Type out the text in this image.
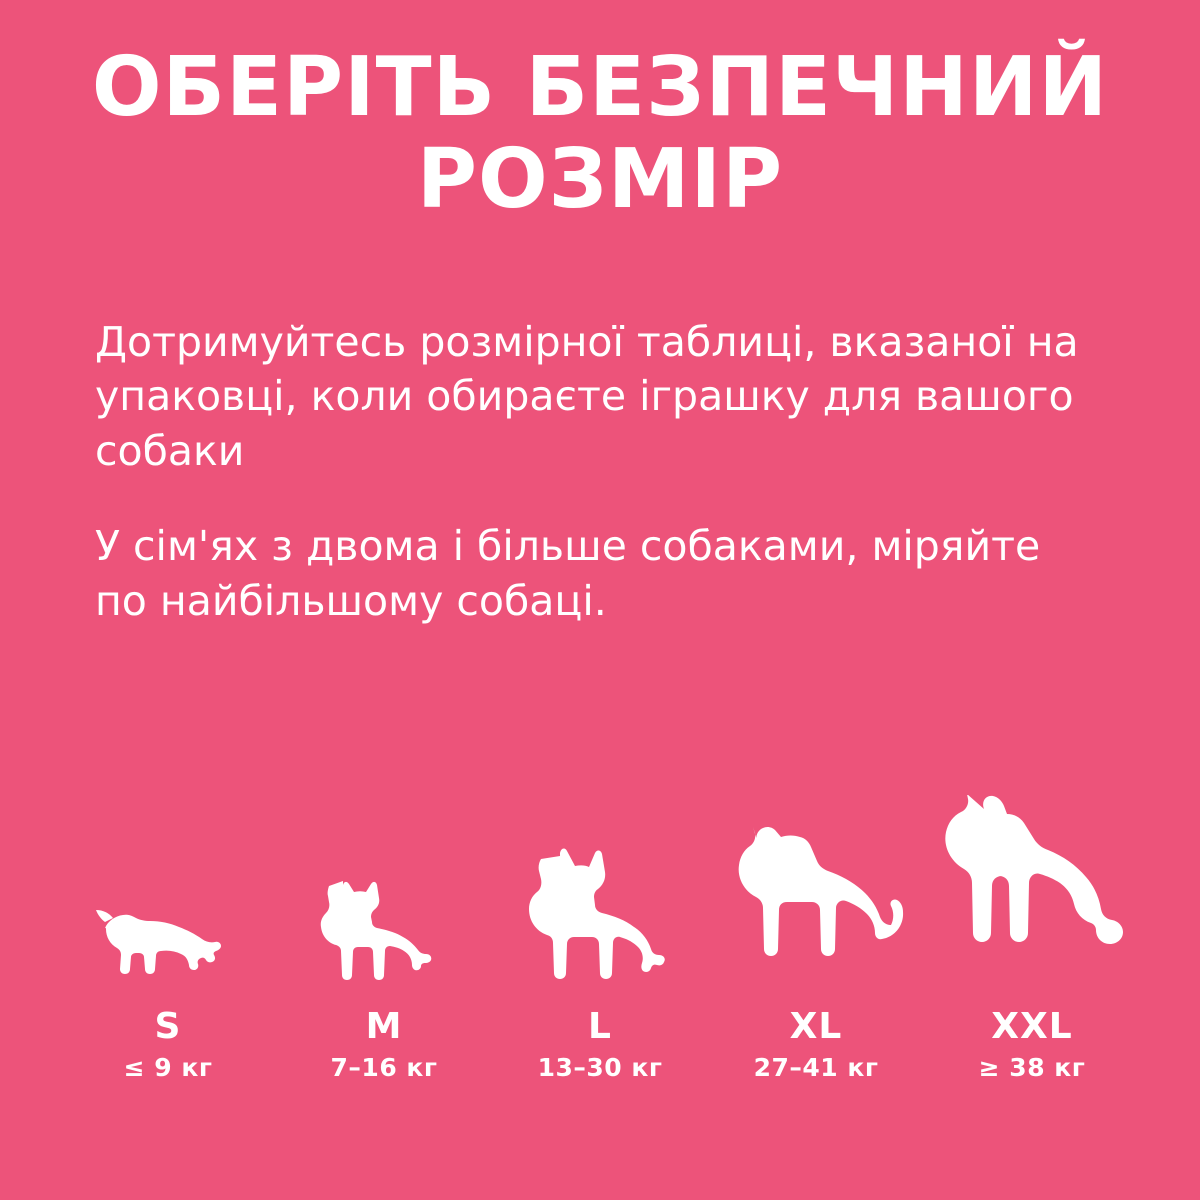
ОБЕРІТЬ БЕЗПЕЧНИЙ
РОЗМІР

Дотримуйтесь розмірної таблиці, вказаної на упаковці, коли обираєте іграшку для вашого собаки

У сім'ях з двома і більше собаками, міряйте по найбільшому собаці.

S
≤ 9 кг
M
7–16 кг
L
13–30 кг
XL
27–41 кг
XXL
≥ 38 кг
